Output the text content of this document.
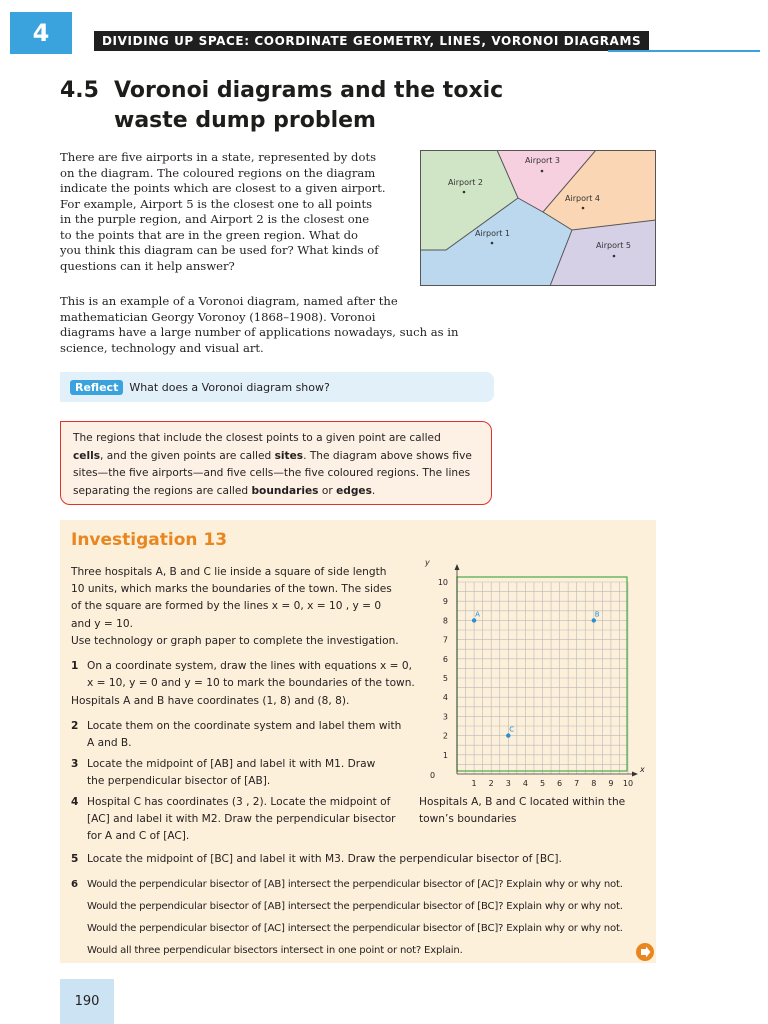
4	DIVIDING UP SPACE: COORDINATE GEOMETRY, LINES, VORONOI DIAGRAMS
4.5 Voronoi diagrams and the toxic
waste dump problem
There are five airports in a state, represented by dots
on the diagram. The coloured regions on the diagram
indicate the points which are closest to a given airport.
For example, Airport 5 is the closest one to all points
in the purple region, and Airport 2 is the closest one
to the points that are in the green region. What do
you think this diagram can be used for? What kinds of
questions can it help answer?
This is an example of a Voronoi diagram, named after the
mathematician Georgy Voronoy (1868–1908). Voronoi
diagrams have a large number of applications nowadays, such as in
science, technology and visual art.
Airport 2
Airport 3
Airport 4
Airport 1
Airport 5
Reflect	What does a Voronoi diagram show?
The regions that include the closest points to a given point are called
cells, and the given points are called sites. The diagram above shows five
sites—the five airports—and five cells—the five coloured regions. The lines
separating the regions are called boundaries or edges.
Investigation 13
Three hospitals A, B and C lie inside a square of side length
10 units, which marks the boundaries of the town. The sides
of the square are formed by the lines x = 0, x = 10 , y = 0
and y = 10.
Use technology or graph paper to complete the investigation.
1 On a coordinate system, draw the lines with equations x = 0,
x = 10, y = 0 and y = 10 to mark the boundaries of the town.
Hospitals A and B have coordinates (1, 8) and (8, 8).
2 Locate them on the coordinate system and label them with
A and B.
3 Locate the midpoint of [AB] and label it with M1. Draw
the perpendicular bisector of [AB].
4 Hospital C has coordinates (3 , 2). Locate the midpoint of
[AC] and label it with M2. Draw the perpendicular bisector
for A and C of [AC].
5 Locate the midpoint of [BC] and label it with M3. Draw the perpendicular bisector of [BC].
6 Would the perpendicular bisector of [AB] intersect the perpendicular bisector of [AC]? Explain why or why not.
Would the perpendicular bisector of [AB] intersect the perpendicular bisector of [BC]? Explain why or why not.
Would the perpendicular bisector of [AC] intersect the perpendicular bisector of [BC]? Explain why or why not.
Would all three perpendicular bisectors intersect in one point or not? Explain.
x
y
0
1 2 3 4 5 6 7 8 9 10
1
2
3
4
5
6
7
8
9
10
A	B
C
Hospitals A, B and C located within the
town’s boundaries
190
